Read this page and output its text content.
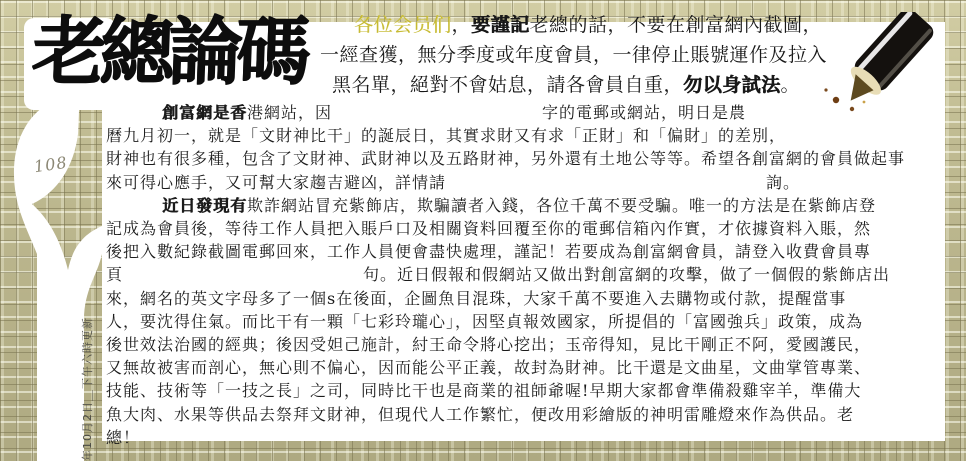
老總論碼
108
年10月2日＿下午六時更新
各位会员们，要謹記老總的話，不要在創富網內截圖，
一經查獲，無分季度或年度會員，一律停止賬號運作及拉入
黑名單，絕對不會姑息，請各會員自重，勿以身試法。
創富網是香港網站，因	字的電郵或網站，明日是農
曆九月初一，就是「文財神比干」的誕辰日，其實求財又有求「正財」和「偏財」的差別，
財神也有很多種，包含了文財神、武財神以及五路財神，另外還有土地公等等。希望各創富網的會員做起事
來可得心應手，又可幫大家趨吉避凶，詳情請	詢。
近日發現有欺詐網站冒充紫飾店，欺騙讀者入錢，各位千萬不要受騙。唯一的方法是在紫飾店登
記成為會員後，等待工作人員把入賬戶口及相關資料回覆至你的電郵信箱內作實，才依據資料入賬，然
後把入數紀錄截圖電郵回來，工作人員便會盡快處理，謹記！若要成為創富網會員，請登入收費會員專
頁	句。近日假報和假網站又做出對創富網的攻擊，做了一個假的紫飾店出
來，網名的英文字母多了一個s在後面，企圖魚目混珠，大家千萬不要進入去購物或付款，提醒當事
人，要沈得住氣。而比干有一顆「七彩玲瓏心」，因堅貞報效國家，所提倡的「富國強兵」政策，成為
後世效法治國的經典；後因受妲己施計，紂王命令將心挖出；玉帝得知，見比干剛正不阿，愛國護民，
又無故被害而剖心，無心則不偏心，因而能公平正義，故封為財神。比干還是文曲星，文曲掌管專業、
技能、技術等「一技之長」之司，同時比干也是商業的祖師爺喔!早期大家都會準備殺雞宰羊，準備大
魚大肉、水果等供品去祭拜文財神，但現代人工作繁忙，便改用彩繪版的神明雷雕燈來作為供品。老
總！
